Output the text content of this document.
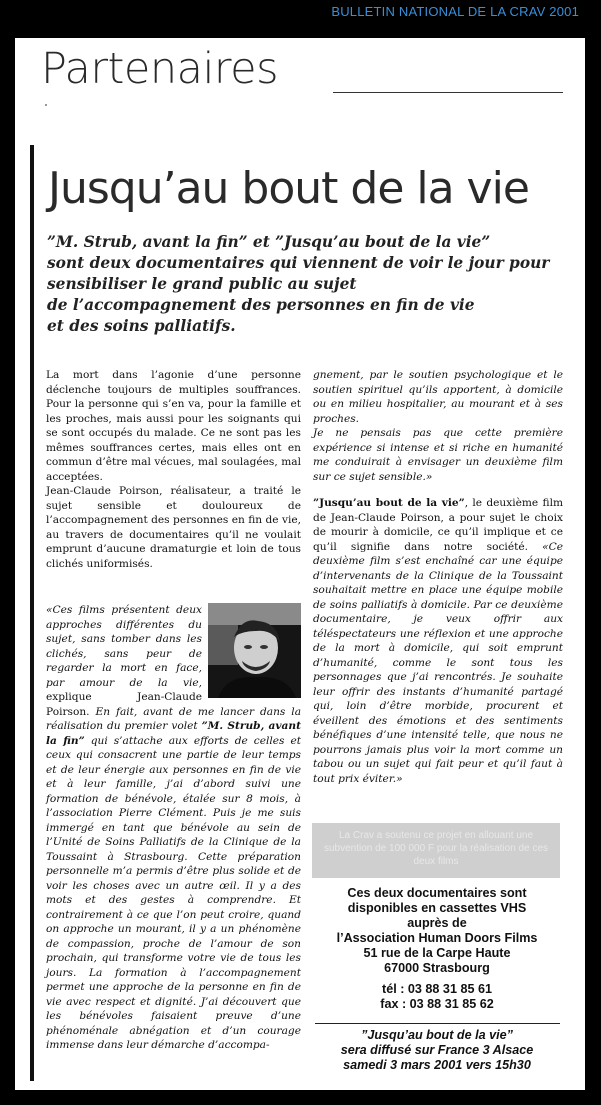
BULLETIN NATIONAL DE LA CRAV 2001
Partenaires
Jusqu’au bout de la vie

”M. Strub, avant la fin” et ”Jusqu’au bout de la vie”

sont deux documentaires qui viennent de voir le jour pour

sensibiliser le grand public au sujet

de l’accompagnement des personnes en fin de vie

et des soins palliatifs.

La mort dans l’agonie d’une personne déclenche toujours de multiples souffrances. Pour la personne qui s’en va, pour la famille et les proches, mais aussi pour les soignants qui se sont occupés du malade. Ce ne sont pas les mêmes souffrances certes, mais elles ont en commun d’être mal vécues, mal soulagées, mal acceptées.

Jean-Claude Poirson, réalisateur, a traité le sujet sensible et douloureux de l’accompagnement des personnes en fin de vie, au travers de documentaires qu’il ne voulait emprunt d’aucune dramaturgie et loin de tous clichés uniformisés.

«Ces films présentent deux approches différentes du sujet, sans tomber dans les clichés, sans peur de regarder la mort en face, par amour de la vie, explique Jean-Claude Poirson. En fait, avant de me lancer dans la réalisation du premier volet ”M. Strub, avant la fin” qui s’attache aux efforts de celles et ceux qui consacrent une partie de leur temps et de leur énergie aux personnes en fin de vie et à leur famille, j’ai d’abord suivi une formation de bénévole, étalée sur 8 mois, à l’association Pierre Clément. Puis je me suis immergé en tant que bénévole au sein de l’Unité de Soins Palliatifs de la Clinique de la Toussaint à Strasbourg. Cette préparation personnelle m’a permis d’être plus solide et de voir les choses avec un autre œil. Il y a des mots et des gestes à comprendre. Et contrairement à ce que l’on peut croire, quand on approche un mourant, il y a un phénomène de compassion, proche de l’amour de son prochain, qui transforme votre vie de tous les jours. La formation à l’accompagnement permet une approche de la personne en fin de vie avec respect et dignité. J’ai découvert que les bénévoles faisaient preuve d’une phénoménale abnégation et d’un courage immense dans leur démarche d’accompa-

gnement, par le soutien psychologique et le soutien spirituel qu’ils apportent, à domicile ou en milieu hospitalier, au mourant et à ses proches.

Je ne pensais pas que cette première expérience si intense et si riche en humanité me conduirait à envisager un deuxième film sur ce sujet sensible.»

”Jusqu’au bout de la vie”, le deuxième film de Jean-Claude Poirson, a pour sujet le choix de mourir à domicile, ce qu’il implique et ce qu’il signifie dans notre société. «Ce deuxième film s’est enchaîné car une équipe d’intervenants de la Clinique de la Toussaint souhaitait mettre en place une équipe mobile de soins palliatifs à domicile. Par ce deuxième documentaire, je veux offrir aux téléspectateurs une réflexion et une approche de la mort à domicile, qui soit emprunt d’humanité, comme le sont tous les personnages que j’ai rencontrés. Je souhaite leur offrir des instants d’humanité partagé qui, loin d’être morbide, procurent et éveillent des émotions et des sentiments bénéfiques d’une intensité telle, que nous ne pourrons jamais plus voir la mort comme un tabou ou un sujet qui fait peur et qu’il faut à tout prix éviter.»

La Crav a soutenu ce projet en allouant une subvention de 100 000 F pour la réalisation de ces deux films

Ces deux documentaires sont

disponibles en cassettes VHS

auprès de

l’Association Human Doors Films

51 rue de la Carpe Haute

67000 Strasbourg

tél : 03 88 31 85 61

fax : 03 88 31 85 62

”Jusqu’au bout de la vie”

sera diffusé sur France 3 Alsace

samedi 3 mars 2001 vers 15h30
